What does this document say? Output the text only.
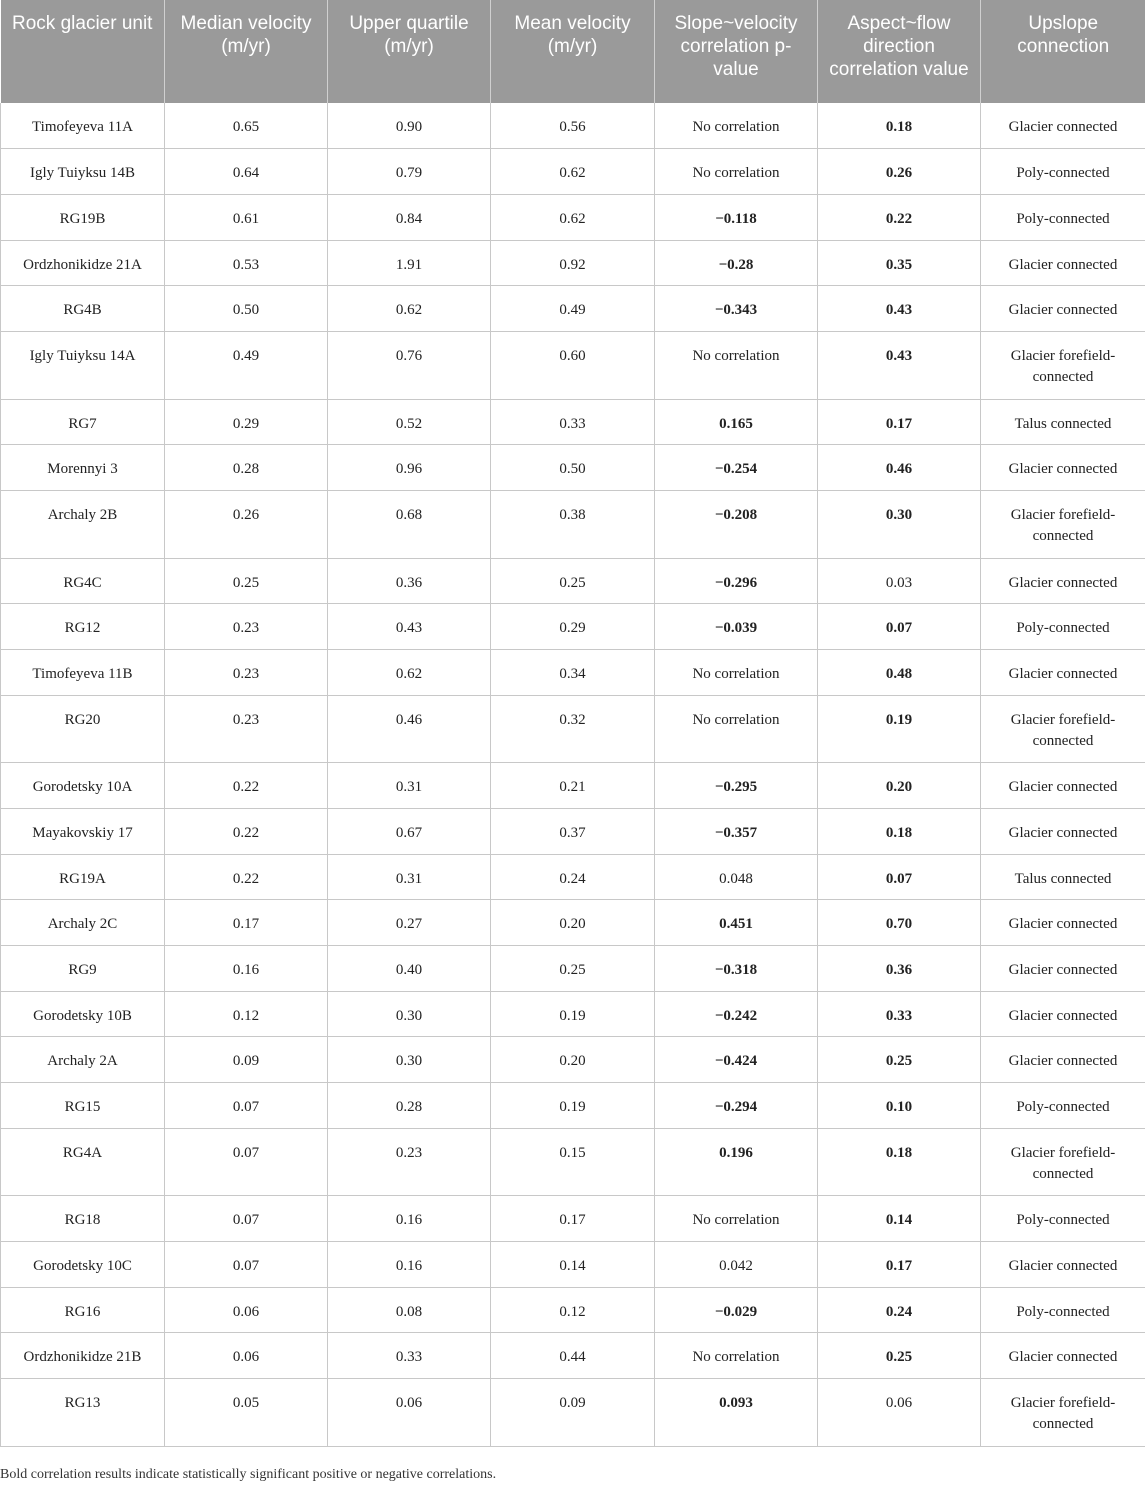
Rock glacier unit	Median velocity (m/yr)	Upper quartile (m/yr)	Mean velocity (m/yr)	Slope~velocity correlation p-value	Aspect~flow direction correlation value	Upslope connection
Timofeyeva 11A	0.65	0.90	0.56	No correlation	0.18	Glacier connected
Igly Tuiyksu 14B	0.64	0.79	0.62	No correlation	0.26	Poly-connected
RG19B	0.61	0.84	0.62	−0.118	0.22	Poly-connected
Ordzhonikidze 21A	0.53	1.91	0.92	−0.28	0.35	Glacier connected
RG4B	0.50	0.62	0.49	−0.343	0.43	Glacier connected
Igly Tuiyksu 14A	0.49	0.76	0.60	No correlation	0.43	Glacier forefield-connected
RG7	0.29	0.52	0.33	0.165	0.17	Talus connected
Morennyi 3	0.28	0.96	0.50	−0.254	0.46	Glacier connected
Archaly 2B	0.26	0.68	0.38	−0.208	0.30	Glacier forefield-connected
RG4C	0.25	0.36	0.25	−0.296	0.03	Glacier connected
RG12	0.23	0.43	0.29	−0.039	0.07	Poly-connected
Timofeyeva 11B	0.23	0.62	0.34	No correlation	0.48	Glacier connected
RG20	0.23	0.46	0.32	No correlation	0.19	Glacier forefield-connected
Gorodetsky 10A	0.22	0.31	0.21	−0.295	0.20	Glacier connected
Mayakovskiy 17	0.22	0.67	0.37	−0.357	0.18	Glacier connected
RG19A	0.22	0.31	0.24	0.048	0.07	Talus connected
Archaly 2C	0.17	0.27	0.20	0.451	0.70	Glacier connected
RG9	0.16	0.40	0.25	−0.318	0.36	Glacier connected
Gorodetsky 10B	0.12	0.30	0.19	−0.242	0.33	Glacier connected
Archaly 2A	0.09	0.30	0.20	−0.424	0.25	Glacier connected
RG15	0.07	0.28	0.19	−0.294	0.10	Poly-connected
RG4A	0.07	0.23	0.15	0.196	0.18	Glacier forefield-connected
RG18	0.07	0.16	0.17	No correlation	0.14	Poly-connected
Gorodetsky 10C	0.07	0.16	0.14	0.042	0.17	Glacier connected
RG16	0.06	0.08	0.12	−0.029	0.24	Poly-connected
Ordzhonikidze 21B	0.06	0.33	0.44	No correlation	0.25	Glacier connected
RG13	0.05	0.06	0.09	0.093	0.06	Glacier forefield-connected
Bold correlation results indicate statistically significant positive or negative correlations.
